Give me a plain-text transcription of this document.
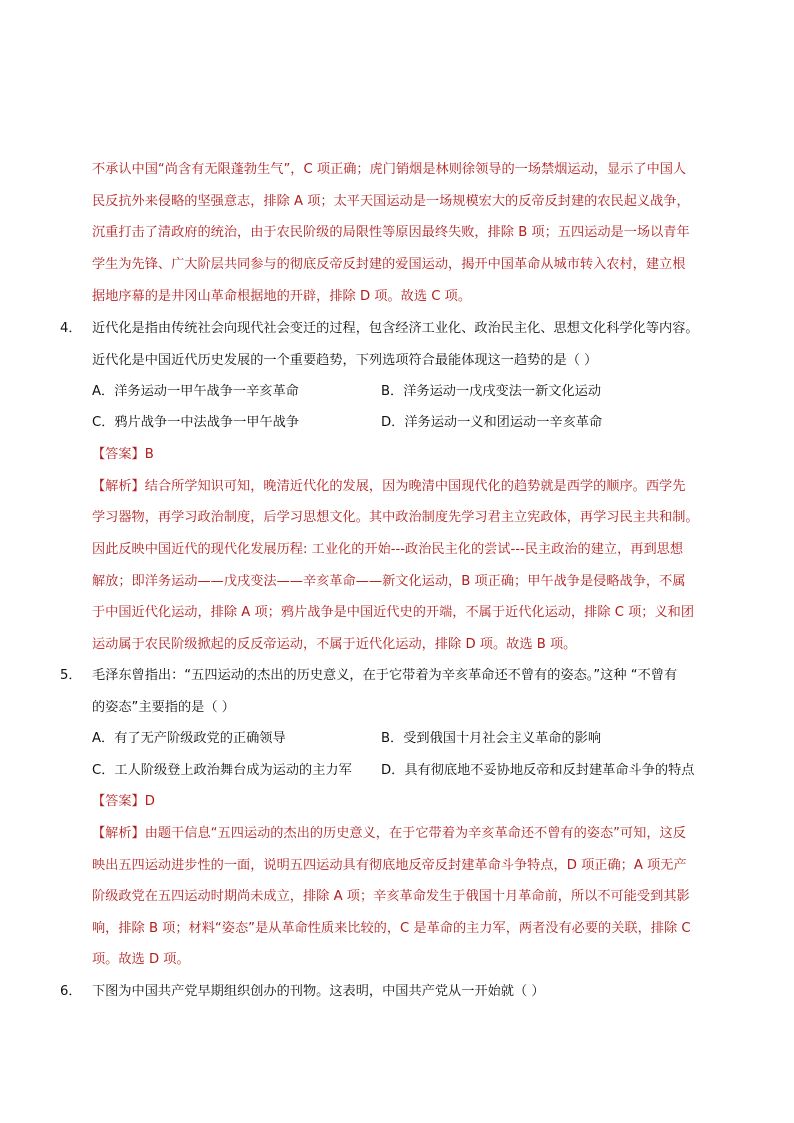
不承认中国“尚含有无限蓬勃生气”，C 项正确；虎门销烟是林则徐领导的一场禁烟运动，显示了中国人
民反抗外来侵略的坚强意志，排除 A 项；太平天国运动是一场规模宏大的反帝反封建的农民起义战争，
沉重打击了清政府的统治，由于农民阶级的局限性等原因最终失败，排除 B 项；五四运动是一场以青年
学生为先锋、广大阶层共同参与的彻底反帝反封建的爱国运动，揭开中国革命从城市转入农村，建立根
据地序幕的是井冈山革命根据地的开辟，排除 D 项。故选 C 项。
4． 近代化是指由传统社会向现代社会变迁的过程，包含经济工业化、政治民主化、思想文化科学化等内容。
近代化是中国近代历史发展的一个重要趋势，下列选项符合最能体现这一趋势的是（ ）
A．洋务运动一甲午战争一辛亥革命	B．洋务运动一戊戌变法一新文化运动
C．鸦片战争一中法战争一甲午战争	D．洋务运动一义和团运动一辛亥革命
【答案】B
【解析】结合所学知识可知，晚清近代化的发展，因为晚清中国现代化的趋势就是西学的顺序。西学先
学习器物，再学习政治制度，后学习思想文化。其中政治制度先学习君主立宪政体，再学习民主共和制。
因此反映中国近代的现代化发展历程: 工业化的开始---政治民主化的尝试---民主政治的建立，再到思想
解放；即洋务运动——戊戌变法——辛亥革命——新文化运动，B 项正确；甲午战争是侵略战争，不属
于中国近代化运动，排除 A 项；鸦片战争是中国近代史的开端，不属于近代化运动，排除 C 项；义和团
运动属于农民阶级掀起的反反帝运动，不属于近代化运动，排除 D 项。故选 B 项。
5． 毛泽东曾指出：“五四运动的杰出的历史意义，在于它带着为辛亥革命还不曾有的姿态。”这种 “不曾有
的姿态”主要指的是（ ）
A．有了无产阶级政党的正确领导	B．受到俄国十月社会主义革命的影响
C．工人阶级登上政治舞台成为运动的主力军 D．具有彻底地不妥协地反帝和反封建革命斗争的特点
【答案】D
【解析】由题干信息“五四运动的杰出的历史意义，在于它带着为辛亥革命还不曾有的姿态”可知，这反
映出五四运动进步性的一面，说明五四运动具有彻底地反帝反封建革命斗争特点，D 项正确；A 项无产
阶级政党在五四运动时期尚未成立，排除 A 项；辛亥革命发生于俄国十月革命前，所以不可能受到其影
响，排除 B 项；材料“姿态”是从革命性质来比较的，C 是革命的主力军，两者没有必要的关联，排除 C
项。故选 D 项。
6． 下图为中国共产党早期组织创办的刊物。这表明，中国共产党从一开始就（ ）
